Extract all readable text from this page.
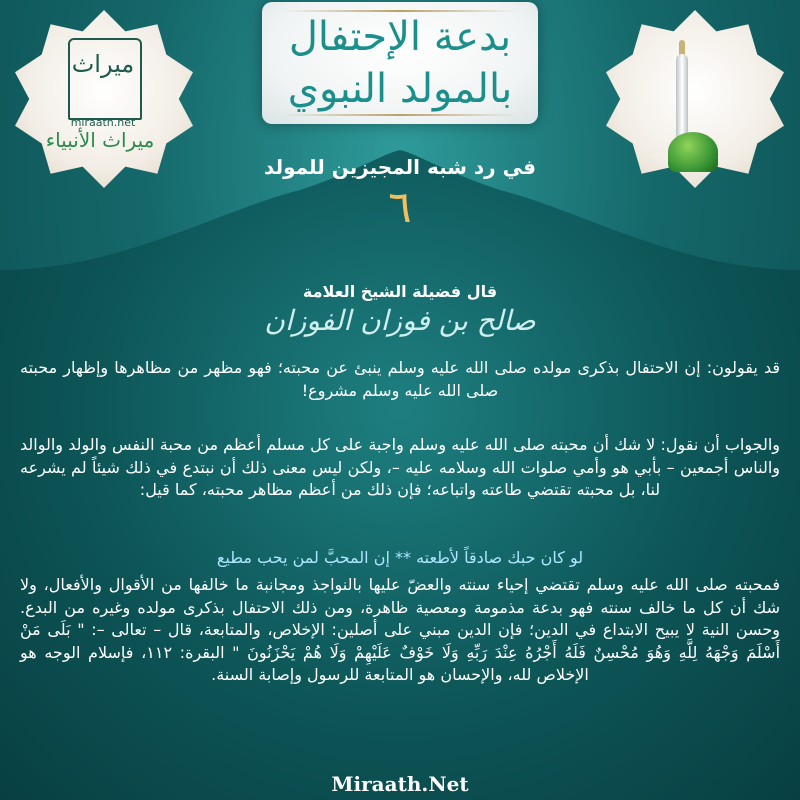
ميراث
miraath.net
ميراث الأنبياء
بدعة الإحتفال
بالمولد النبوي
في رد شبه المجيزين للمولد
٦
قال فضيلة الشيخ العلامة
صالح بن فوزان الفوزان
قد يقولون: إن الاحتفال بذكرى مولده صلى الله عليه وسلم ينبئ عن محبته؛ فهو مظهر من مظاهرها وإظهار محبته صلى الله عليه وسلم مشروع!
والجواب أن نقول: لا شك أن محبته صلى الله عليه وسلم واجبة على كل مسلم أعظم من محبة النفس والولد والوالد والناس أجمعين – بأبي هو وأمي صلوات الله وسلامه عليه –، ولكن ليس معنى ذلك أن نبتدع في ذلك شيئاً لم يشرعه لنا، بل محبته تقتضي طاعته واتباعه؛ فإن ذلك من أعظم مظاهر محبته، كما قيل:
لو كان حبك صادقاً لأطعته ** إن المحبَّ لمن يحب مطيع
فمحبته صلى الله عليه وسلم تقتضي إحياء سنته والعضّ عليها بالنواجذ ومجانبة ما خالفها من الأقوال والأفعال، ولا شك أن كل ما خالف سنته فهو بدعة مذمومة ومعصية ظاهرة، ومن ذلك الاحتفال بذكرى مولده وغيره من البدع. وحسن النية لا يبيح الابتداع في الدين؛ فإن الدين مبني على أصلين: الإخلاص، والمتابعة، قال – تعالى –: " بَلَى مَنْ أَسْلَمَ وَجْهَهُ لِلَّهِ وَهُوَ مُحْسِنٌ فَلَهُ أَجْرُهُ عِنْدَ رَبِّهِ وَلَا خَوْفٌ عَلَيْهِمْ وَلَا هُمْ يَحْزَنُونَ " البقرة: ١١٢، فإسلام الوجه هو الإخلاص لله، والإحسان هو المتابعة للرسول وإصابة السنة.
Miraath.Net
